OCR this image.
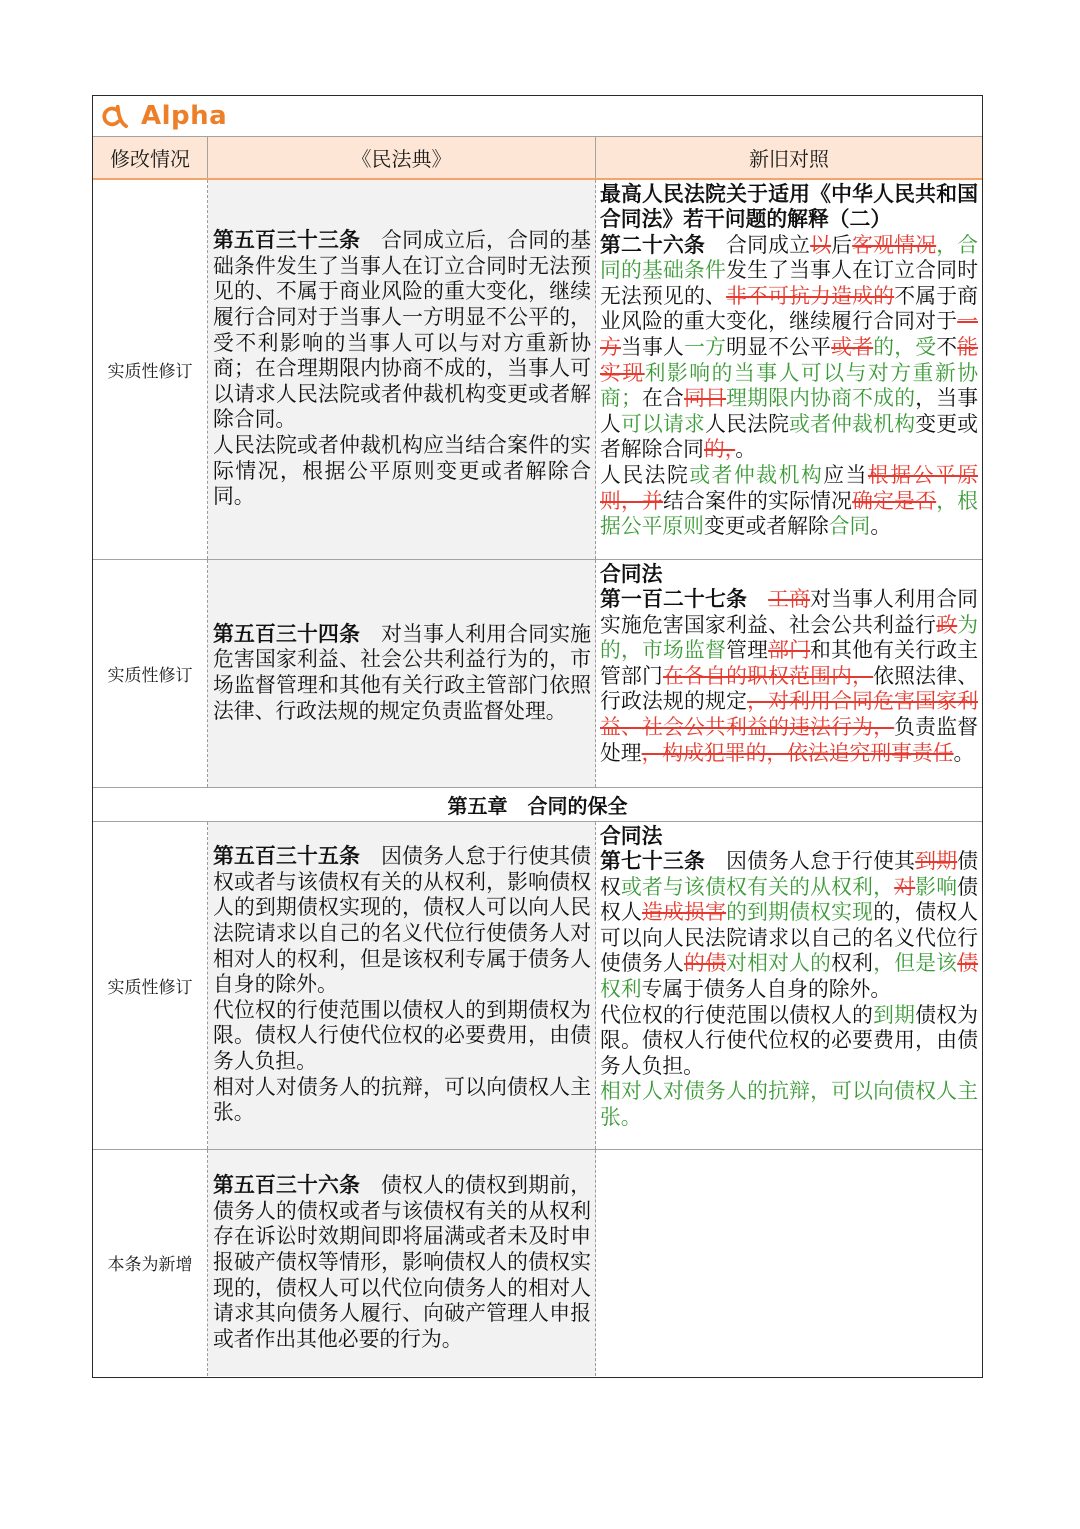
Alpha
修改情况	《民法典》	新旧对照
实质性修订

第五百三十三条　合同成立后，合同的基础条件发生了当事人在订立合同时无法预见的、不属于商业风险的重大变化，继续履行合同对于当事人一方明显不公平的，受不利影响的当事人可以与对方重新协商；在合理期限内协商不成的，当事人可以请求人民法院或者仲裁机构变更或者解除合同。

人民法院或者仲裁机构应当结合案件的实际情况，根据公平原则变更或者解除合同。

最高人民法院关于适用《中华人民共和国合同法》若干问题的解释（二）

第二十六条　合同成立以后客观情况，合同的基础条件发生了当事人在订立合同时无法预见的、非不可抗力造成的不属于商业风险的重大变化，继续履行合同对于一方当事人一方明显不公平或者的，受不能实现利影响的当事人可以与对方重新协商；在合同目理期限内协商不成的，当事人可以请求人民法院或者仲裁机构变更或者解除合同的，。

人民法院或者仲裁机构应当根据公平原则，并结合案件的实际情况确定是否，根据公平原则变更或者解除合同。

实质性修订

第五百三十四条　对当事人利用合同实施危害国家利益、社会公共利益行为的，市场监督管理和其他有关行政主管部门依照法律、行政法规的规定负责监督处理。

合同法

第一百二十七条　 工商对当事人利用合同实施危害国家利益、社会公共利益行政为的，市场监督管理部门和其他有关行政主管部门在各自的职权范围内，依照法律、行政法规的规定，对利用合同危害国家利益、社会公共利益的违法行为，负责监督处理，构成犯罪的，依法追究刑事责任。

第五章　合同的保全
实质性修订

第五百三十五条　因债务人怠于行使其债权或者与该债权有关的从权利，影响债权人的到期债权实现的，债权人可以向人民法院请求以自己的名义代位行使债务人对相对人的权利，但是该权利专属于债务人自身的除外。

代位权的行使范围以债权人的到期债权为限。债权人行使代位权的必要费用，由债务人负担。

相对人对债务人的抗辩，可以向债权人主张。

合同法

第七十三条　因债务人怠于行使其到期债权或者与该债权有关的从权利，对影响债权人造成损害的到期债权实现的，债权人可以向人民法院请求以自己的名义代位行使债务人的债对相对人的权利，但是该债权利专属于债务人自身的除外。

代位权的行使范围以债权人的到期债权为限。债权人行使代位权的必要费用，由债务人负担。

相对人对债务人的抗辩，可以向债权人主张。

本条为新增

第五百三十六条　债权人的债权到期前，债务人的债权或者与该债权有关的从权利存在诉讼时效期间即将届满或者未及时申报破产债权等情形，影响债权人的债权实现的，债权人可以代位向债务人的相对人请求其向债务人履行、向破产管理人申报或者作出其他必要的行为。
